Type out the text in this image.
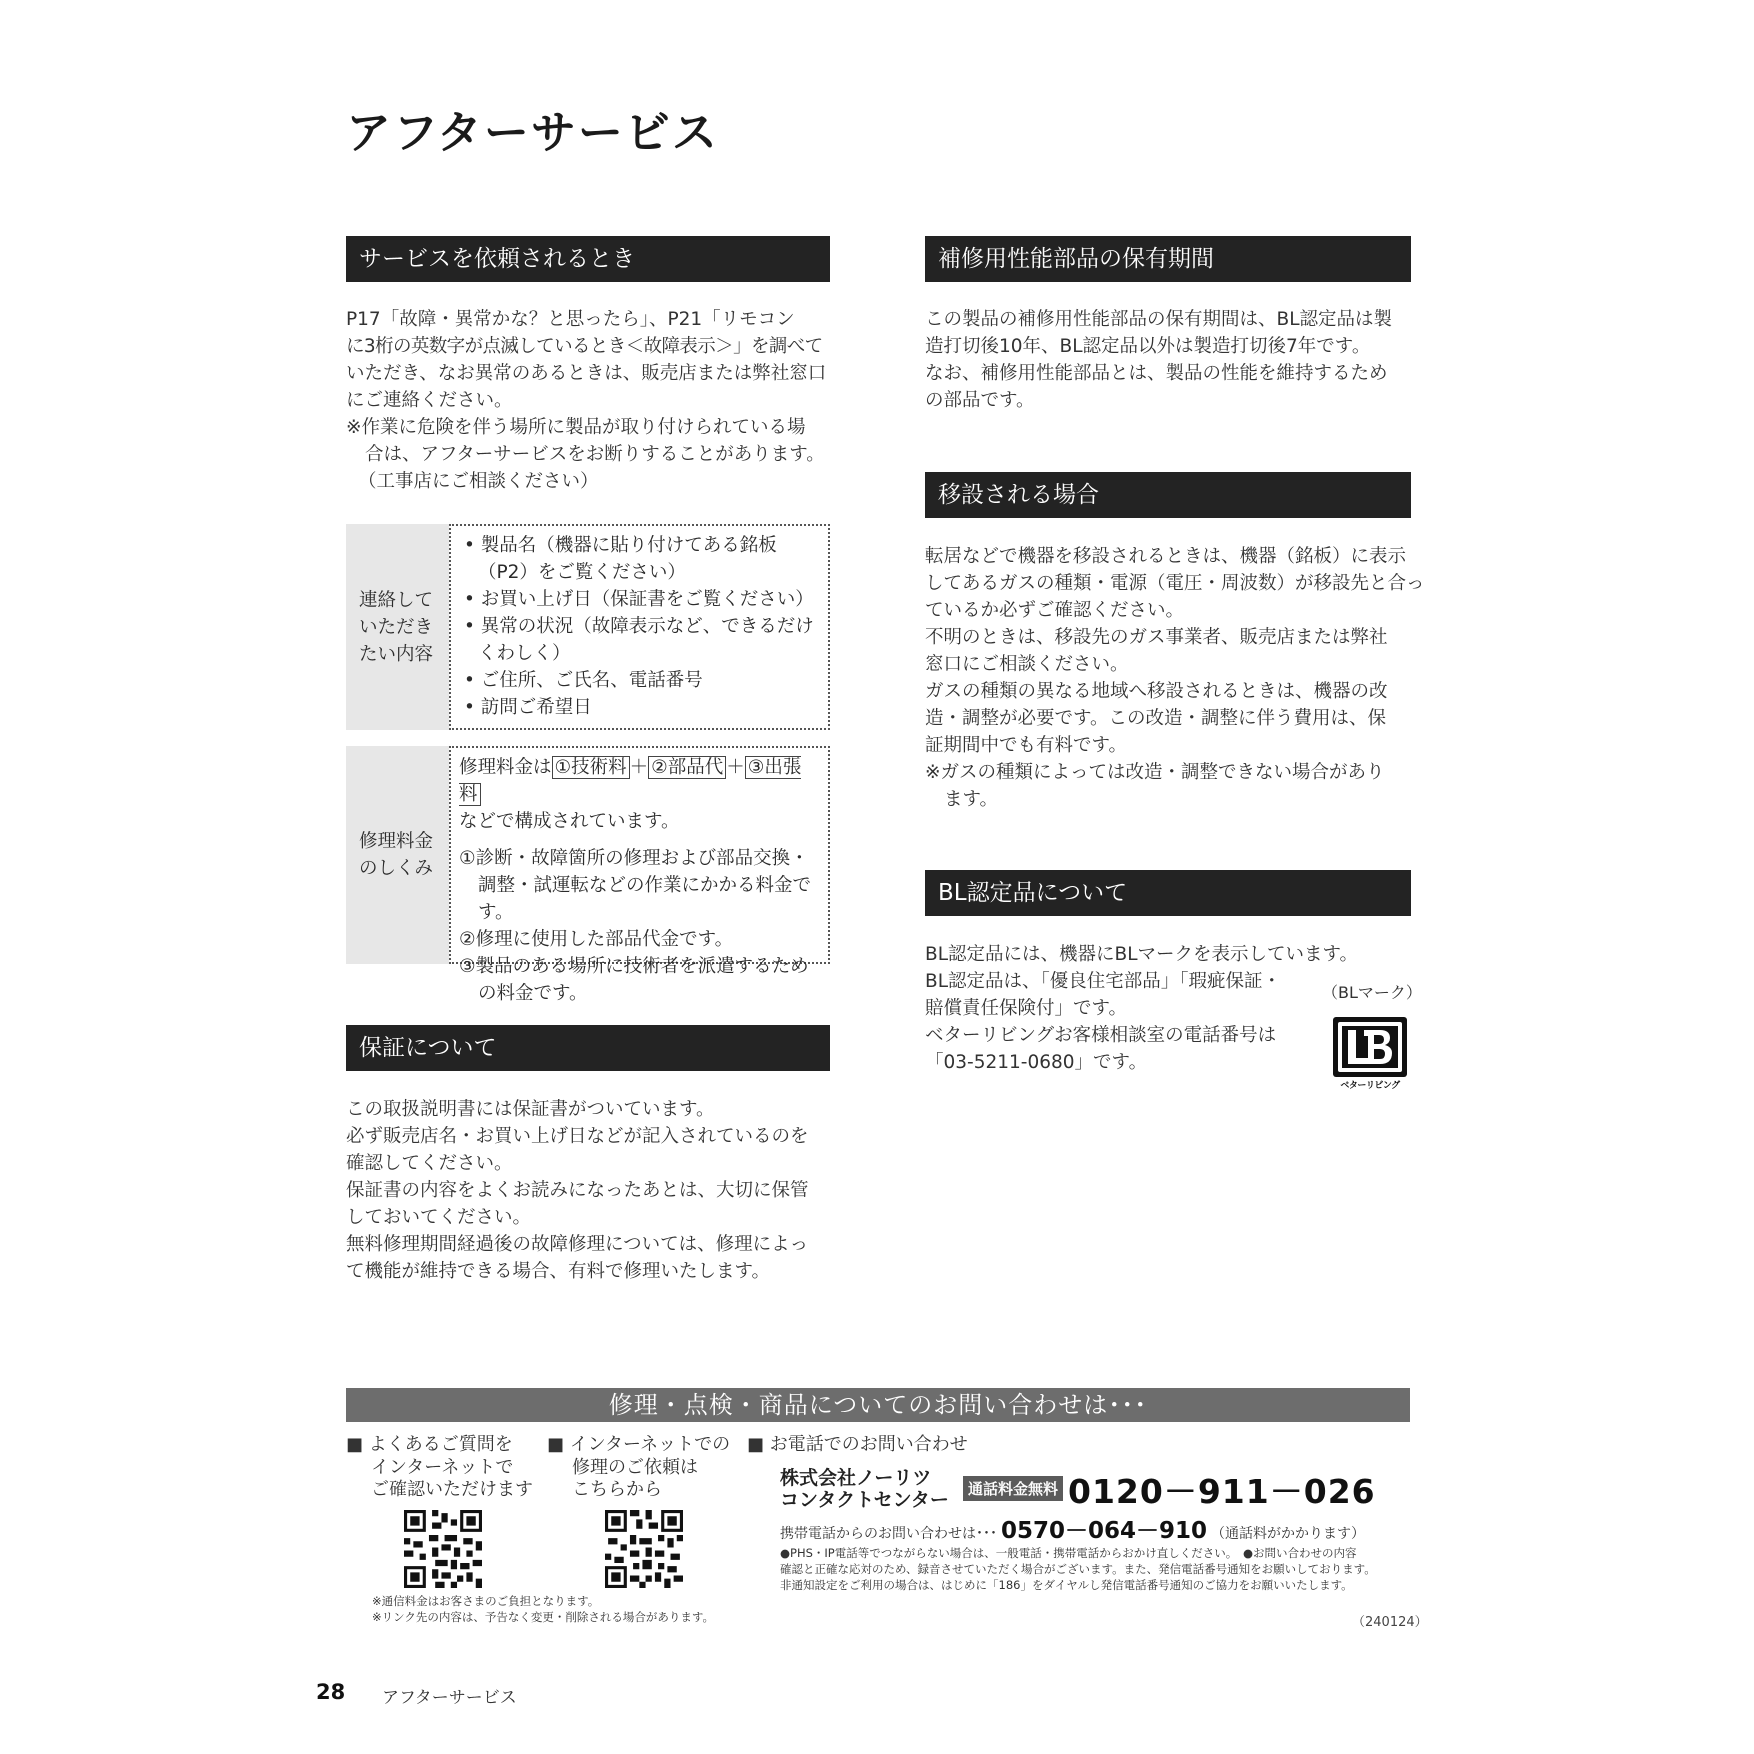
アフターサービス
サービスを依頼されるとき

P17「故障・異常かな？と思ったら」、P21「リモコン

に3桁の英数字が点滅しているとき＜故障表示＞」を調べて

いただき、なお異常のあるときは、販売店または弊社窓口

にご連絡ください。

※作業に危険を伴う場所に製品が取り付けられている場

合は、アフターサービスをお断りすることがあります。

（工事店にご相談ください）

連絡して
いただき
たい内容

• 製品名（機器に貼り付けてある銘板（P2）をご覧ください）

• お買い上げ日（保証書をご覧ください）

• 異常の状況（故障表示など、できるだけくわしく）

• ご住所、ご氏名、電話番号

• 訪問ご希望日

修理料金
のしくみ

修理料金は ①技術料 ＋ ②部品代 ＋ ③出張料

などで構成されています。

①診断・故障箇所の修理および部品交換・調整・試運転などの作業にかかる料金です。

②修理に使用した部品代金です。

③製品のある場所に技術者を派遣するための料金です。

保証について

この取扱説明書には保証書がついています。

必ず販売店名・お買い上げ日などが記入されているのを

確認してください。

保証書の内容をよくお読みになったあとは、大切に保管

しておいてください。

無料修理期間経過後の故障修理については、修理によっ

て機能が維持できる場合、有料で修理いたします。

補修用性能部品の保有期間

この製品の補修用性能部品の保有期間は、BL認定品は製

造打切後10年、BL認定品以外は製造打切後7年です。

なお、補修用性能部品とは、製品の性能を維持するため

の部品です。

移設される場合

転居などで機器を移設されるときは、機器（銘板）に表示

してあるガスの種類・電源（電圧・周波数）が移設先と合っ

ているか必ずご確認ください。

不明のときは、移設先のガス事業者、販売店または弊社

窓口にご相談ください。

ガスの種類の異なる地域へ移設されるときは、機器の改

造・調整が必要です。この改造・調整に伴う費用は、保

証期間中でも有料です。

※ガスの種類によっては改造・調整できない場合があり

ます。

BL認定品について

BL認定品には、機器にBLマークを表示しています。

BL認定品は、「優良住宅部品」「瑕疵保証・

賠償責任保険付」です。

ベターリビングお客様相談室の電話番号は

「03-5211-0680」です。

（BLマーク）
ベターリビング
修理・点検・商品についてのお問い合わせは･･･

■ よくあるご質問を

インターネットで

ご確認いただけます

■ インターネットでの

修理のご依頼は

こちらから

■ お電話でのお問い合わせ
株式会社ノーリツ
コンタクトセンター	通話料金無料 0120－911－026
携帯電話からのお問い合わせは･･･ 0570－064－910 （通話料がかかります）

●PHS・IP電話等でつながらない場合は、一般電話・携帯電話からおかけ直しください。　●お問い合わせの内容

確認と正確な応対のため、録音させていただく場合がございます。また、発信電話番号通知をお願いしております。

非通知設定をご利用の場合は、はじめに「186」をダイヤルし発信電話番号通知のご協力をお願いいたします。

※通信料金はお客さまのご負担となります。

※リンク先の内容は、予告なく変更・削除される場合があります。	（240124）
28 アフターサービス
